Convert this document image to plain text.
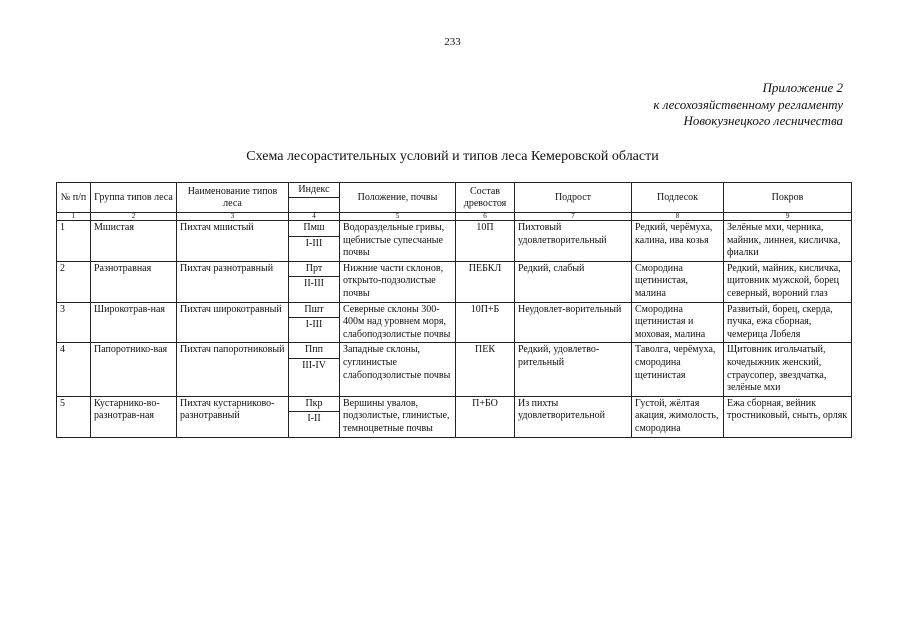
233
Приложение 2
к лесохозяйственному регламенту
Новокузнецкого лесничества
Схема лесорастительных условий и типов леса Кемеровской области
№ п/п	Группа типов леса	Наименование типов леса	Индекс	Положение, почвы	Состав древостоя	Подрост	Подлесок	Покров

1	2	3	4	5	6	7	8	9
1	Мшистая	Пихтач мшистый	Пмш	Водораздельные гривы, щебнистые супесчаные почвы	10П	Пихтовый удовлетворительный	Редкий, черёмуха, калина, ива козья	Зелёные мхи, черника, майник, линнея, кисличка, фиалки
			I-III					
2	Разнотравная	Пихтач разнотравный	Прт	Нижние части склонов, открыто-подзолистые почвы	ПЕБКЛ	Редкий, слабый	Смородина щетинистая, малина	Редкий, майник, кисличка, щитовник мужской, борец северный, вороний глаз
			II-III					
3	Широкотрав-ная	Пихтач широкотравный	Пшт	Северные склоны 300-400м над уровнем моря, слабоподзолистые почвы	10П+Б	Неудовлет-ворительный	Смородина щетинистая и моховая, малина	Развитый, борец, скерда, пучка, ежа сборная, чемерица Лобеля
			I-III					
4	Папоротнико-вая	Пихтач папоротниковый	Ппп	Западные склоны, суглинистые слабоподзолистые почвы	ПЕК	Редкий, удовлетво-рительный	Таволга, черёмуха, смородина щетинистая	Щитовник игольчатый, кочедыжник женский, страусопер, звездчатка, зелёные мхи
			III-IV					
5	Кустарнико-во-разнотрав-ная	Пихтач кустарниково-разнотравный	Пкр	Вершины увалов, подзолистые, глинистые, темноцветные почвы	П+БО	Из пихты удовлетворительной	Густой, жёлтая акация, жимолость, смородина	Ежа сборная, вейник тростниковый, сныть, орляк
			I-II					
